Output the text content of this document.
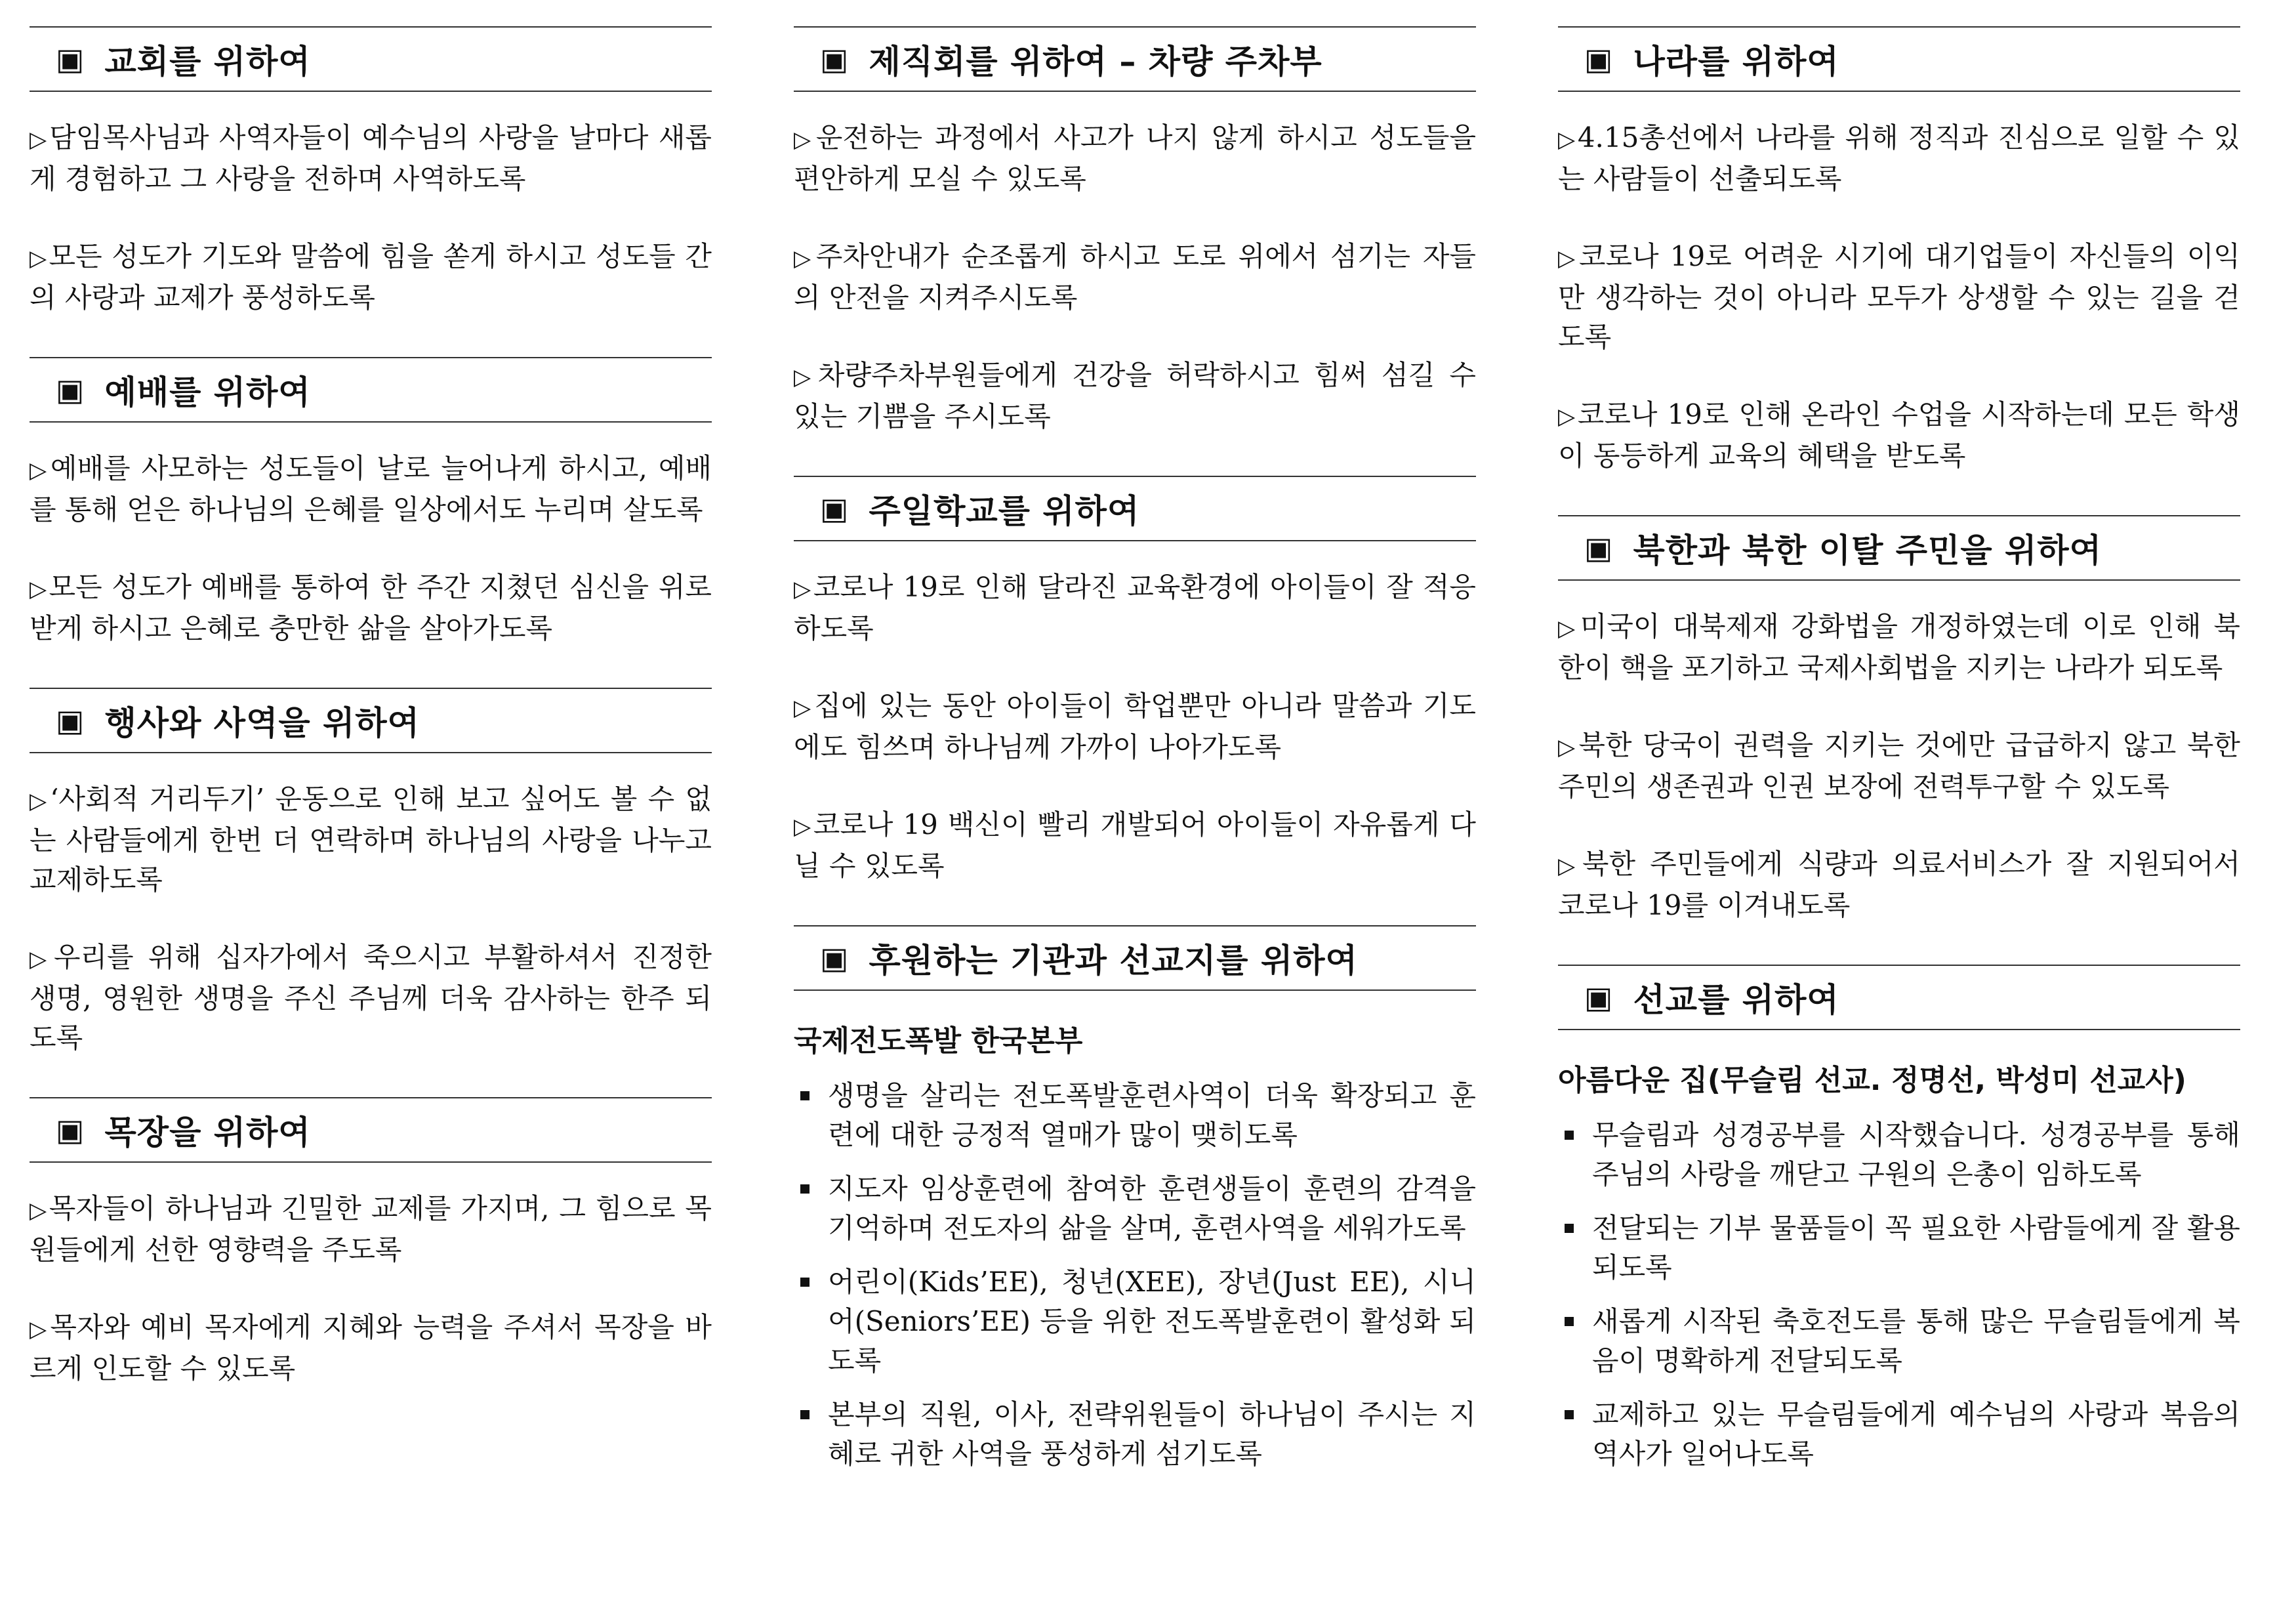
▣ 교회를 위하여

▷담임목사님과 사역자들이 예수님의 사랑을 날마다 새롭게 경험하고 그 사랑을 전하며 사역하도록

▷모든 성도가 기도와 말씀에 힘을 쏟게 하시고 성도들 간의 사랑과 교제가 풍성하도록

▣ 예배를 위하여

▷예배를 사모하는 성도들이 날로 늘어나게 하시고, 예배를 통해 얻은 하나님의 은혜를 일상에서도 누리며 살도록

▷모든 성도가 예배를 통하여 한 주간 지쳤던 심신을 위로받게 하시고 은혜로 충만한 삶을 살아가도록

▣ 행사와 사역을 위하여

▷‘사회적 거리두기’ 운동으로 인해 보고 싶어도 볼 수 없는 사람들에게 한번 더 연락하며 하나님의 사랑을 나누고 교제하도록

▷우리를 위해 십자가에서 죽으시고 부활하셔서 진정한 생명, 영원한 생명을 주신 주님께 더욱 감사하는 한주 되도록

▣ 목장을 위하여

▷목자들이 하나님과 긴밀한 교제를 가지며, 그 힘으로 목원들에게 선한 영향력을 주도록

▷목자와 예비 목자에게 지혜와 능력을 주셔서 목장을 바르게 인도할 수 있도록

▣ 제직회를 위하여 – 차량 주차부

▷운전하는 과정에서 사고가 나지 않게 하시고 성도들을 편안하게 모실 수 있도록

▷주차안내가 순조롭게 하시고 도로 위에서 섬기는 자들의 안전을 지켜주시도록

▷차량주차부원들에게 건강을 허락하시고 힘써 섬길 수 있는 기쁨을 주시도록

▣ 주일학교를 위하여

▷코로나 19로 인해 달라진 교육환경에 아이들이 잘 적응하도록

▷집에 있는 동안 아이들이 학업뿐만 아니라 말씀과 기도에도 힘쓰며 하나님께 가까이 나아가도록

▷코로나 19 백신이 빨리 개발되어 아이들이 자유롭게 다닐 수 있도록

▣ 후원하는 기관과 선교지를 위하여
국제전도폭발 한국본부
생명을 살리는 전도폭발훈련사역이 더욱 확장되고 훈련에 대한 긍정적 열매가 많이 맺히도록
지도자 임상훈련에 참여한 훈련생들이 훈련의 감격을 기억하며 전도자의 삶을 살며, 훈련사역을 세워가도록
어린이(Kids’EE), 청년(XEE), 장년(Just EE), 시니어(Seniors’EE) 등을 위한 전도폭발훈련이 활성화 되도록
본부의 직원, 이사, 전략위원들이 하나님이 주시는 지혜로 귀한 사역을 풍성하게 섬기도록
▣ 나라를 위하여

▷4.15총선에서 나라를 위해 정직과 진심으로 일할 수 있는 사람들이 선출되도록

▷코로나 19로 어려운 시기에 대기업들이 자신들의 이익만 생각하는 것이 아니라 모두가 상생할 수 있는 길을 걷도록

▷코로나 19로 인해 온라인 수업을 시작하는데 모든 학생이 동등하게 교육의 혜택을 받도록

▣ 북한과 북한 이탈 주민을 위하여

▷미국이 대북제재 강화법을 개정하였는데 이로 인해 북한이 핵을 포기하고 국제사회법을 지키는 나라가 되도록

▷북한 당국이 권력을 지키는 것에만 급급하지 않고 북한 주민의 생존권과 인권 보장에 전력투구할 수 있도록

▷북한 주민들에게 식량과 의료서비스가 잘 지원되어서 코로나 19를 이겨내도록

▣ 선교를 위하여
아름다운 집(무슬림 선교. 정명선, 박성미 선교사)
무슬림과 성경공부를 시작했습니다. 성경공부를 통해 주님의 사랑을 깨닫고 구원의 은총이 임하도록
전달되는 기부 물품들이 꼭 필요한 사람들에게 잘 활용되도록
새롭게 시작된 축호전도를 통해 많은 무슬림들에게 복음이 명확하게 전달되도록
교제하고 있는 무슬림들에게 예수님의 사랑과 복음의 역사가 일어나도록
